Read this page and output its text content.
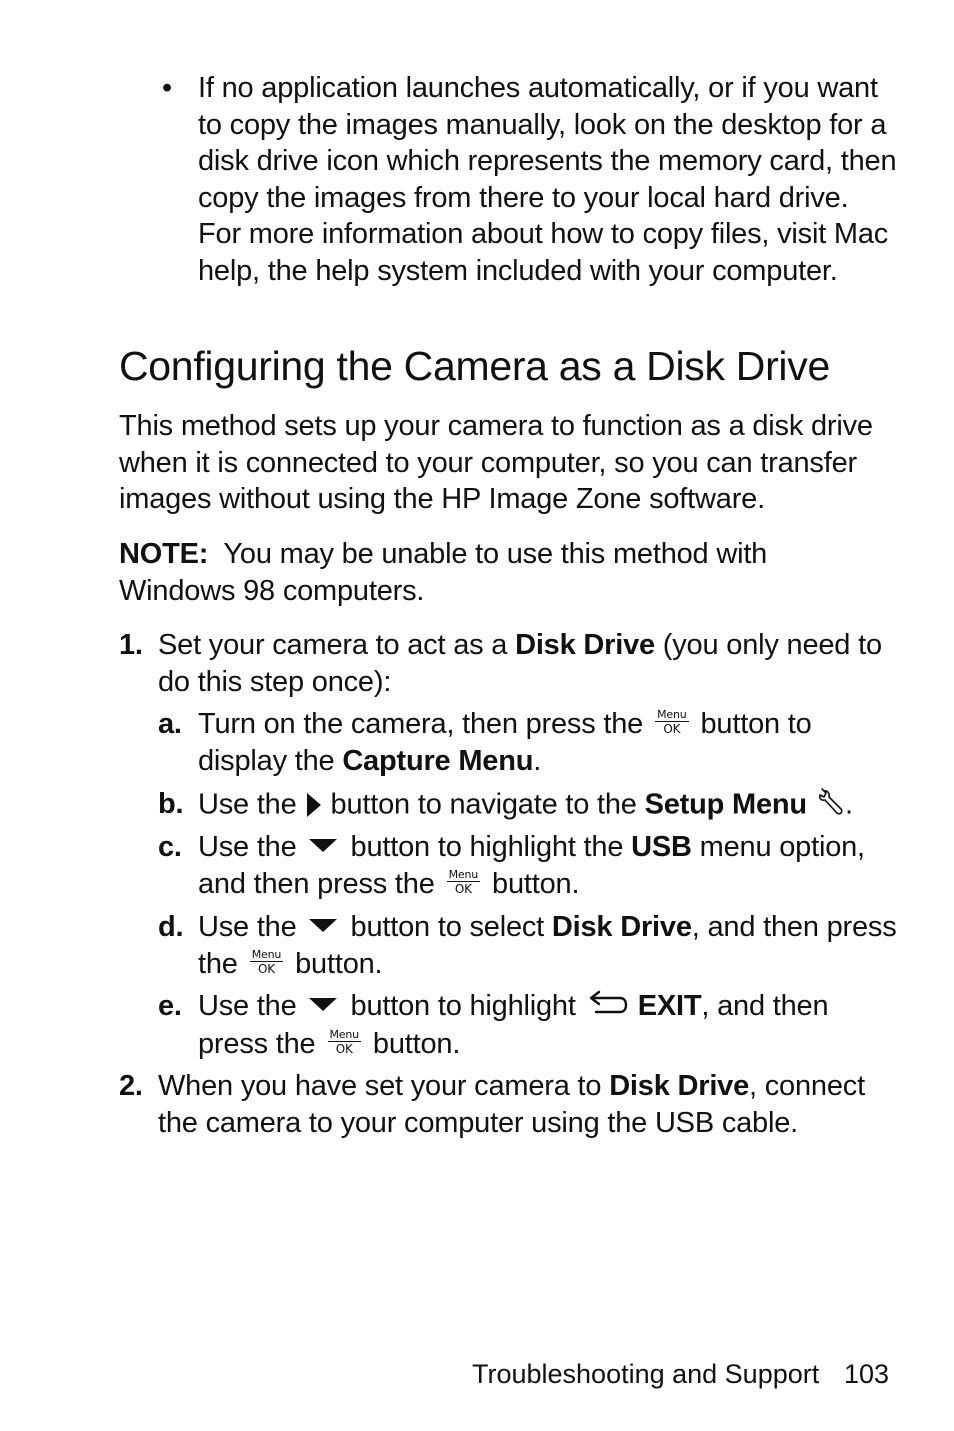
• If no application launches automatically, or if you want to copy the images manually, look on the desktop for a disk drive icon which represents the memory card, then copy the images from there to your local hard drive. For more information about how to copy files, visit Mac help, the help system included with your computer.
Configuring the Camera as a Disk Drive
This method sets up your camera to function as a disk drive when it is connected to your computer, so you can transfer images without using the HP Image Zone software.
NOTE: You may be unable to use this method with Windows 98 computers.
1. Set your camera to act as a Disk Drive (you only need to do this step once):
a. Turn on the camera, then press the Menu
OK button to display the Capture Menu.
b. Use the button to navigate to the Setup Menu .
c. Use the button to highlight the USB menu option, and then press the Menu
OK button.
d. Use the button to select Disk Drive, and then press the Menu
OK button.
e. Use the button to highlight EXIT, and then press the Menu
OK button.
2. When you have set your camera to Disk Drive, connect the camera to your computer using the USB cable.
Troubleshooting and Support 103
